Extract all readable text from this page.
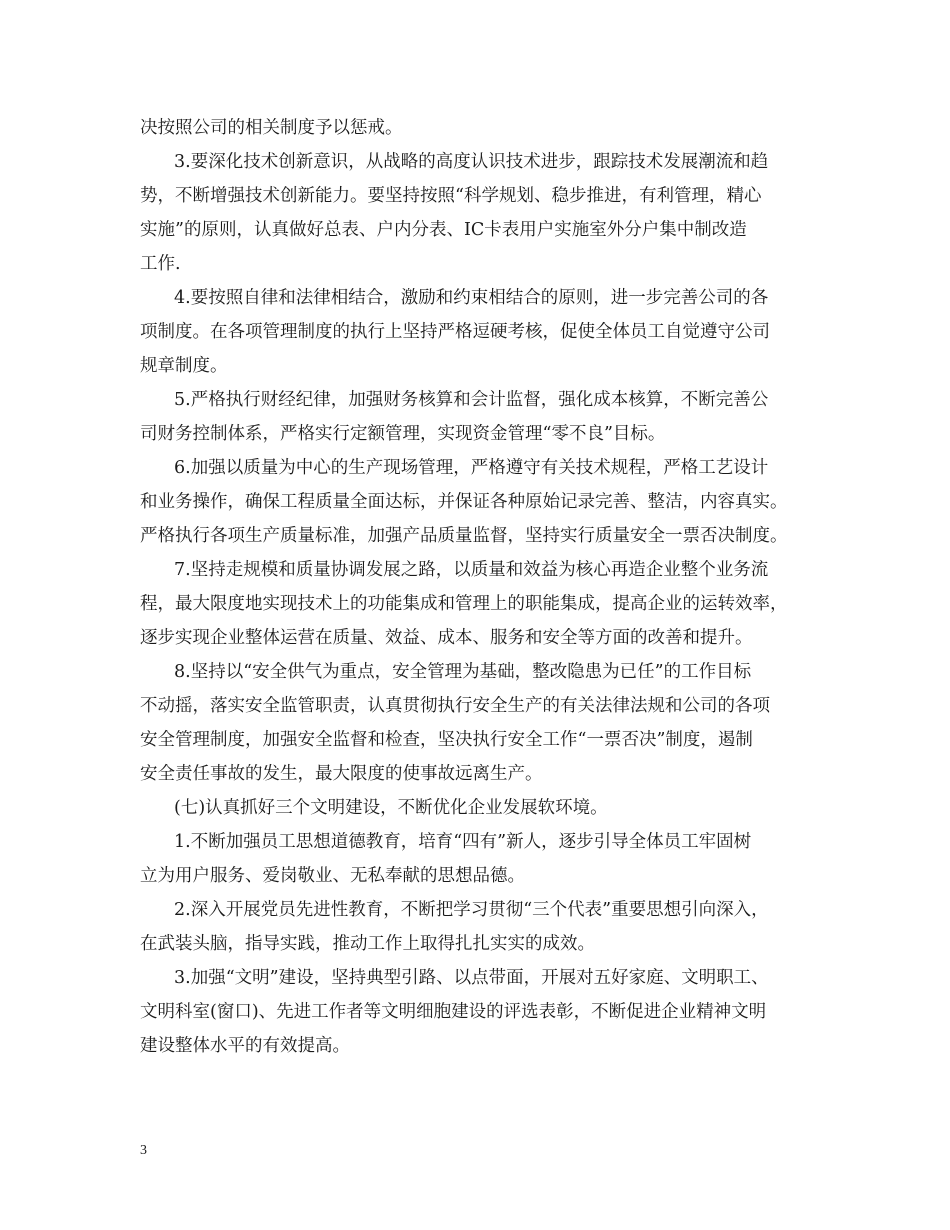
决按照公司的相关制度予以惩戒。
3.要深化技术创新意识，从战略的高度认识技术进步，跟踪技术发展潮流和趋
势，不断增强技术创新能力。要坚持按照“科学规划、稳步推进，有利管理，精心
实施”的原则，认真做好总表、户内分表、IC卡表用户实施室外分户集中制改造
工作.
4.要按照自律和法律相结合，激励和约束相结合的原则，进一步完善公司的各
项制度。在各项管理制度的执行上坚持严格逗硬考核，促使全体员工自觉遵守公司
规章制度。
5.严格执行财经纪律，加强财务核算和会计监督，强化成本核算，不断完善公
司财务控制体系，严格实行定额管理，实现资金管理“零不良”目标。
6.加强以质量为中心的生产现场管理，严格遵守有关技术规程，严格工艺设计
和业务操作，确保工程质量全面达标，并保证各种原始记录完善、整洁，内容真实。
严格执行各项生产质量标准，加强产品质量监督，坚持实行质量安全一票否决制度。
7.坚持走规模和质量协调发展之路，以质量和效益为核心再造企业整个业务流
程，最大限度地实现技术上的功能集成和管理上的职能集成，提高企业的运转效率，
逐步实现企业整体运营在质量、效益、成本、服务和安全等方面的改善和提升。
8.坚持以“安全供气为重点，安全管理为基础，整改隐患为已任”的工作目标
不动摇，落实安全监管职责，认真贯彻执行安全生产的有关法律法规和公司的各项
安全管理制度，加强安全监督和检查，坚决执行安全工作“一票否决”制度，遏制
安全责任事故的发生，最大限度的使事故远离生产。
(七)认真抓好三个文明建设，不断优化企业发展软环境。
1.不断加强员工思想道德教育，培育“四有”新人，逐步引导全体员工牢固树
立为用户服务、爱岗敬业、无私奉献的思想品德。
2.深入开展党员先进性教育，不断把学习贯彻“三个代表”重要思想引向深入，
在武装头脑，指导实践，推动工作上取得扎扎实实的成效。
3.加强“文明”建设，坚持典型引路、以点带面，开展对五好家庭、文明职工、
文明科室(窗口)、先进工作者等文明细胞建设的评选表彰，不断促进企业精神文明
建设整体水平的有效提高。
3
